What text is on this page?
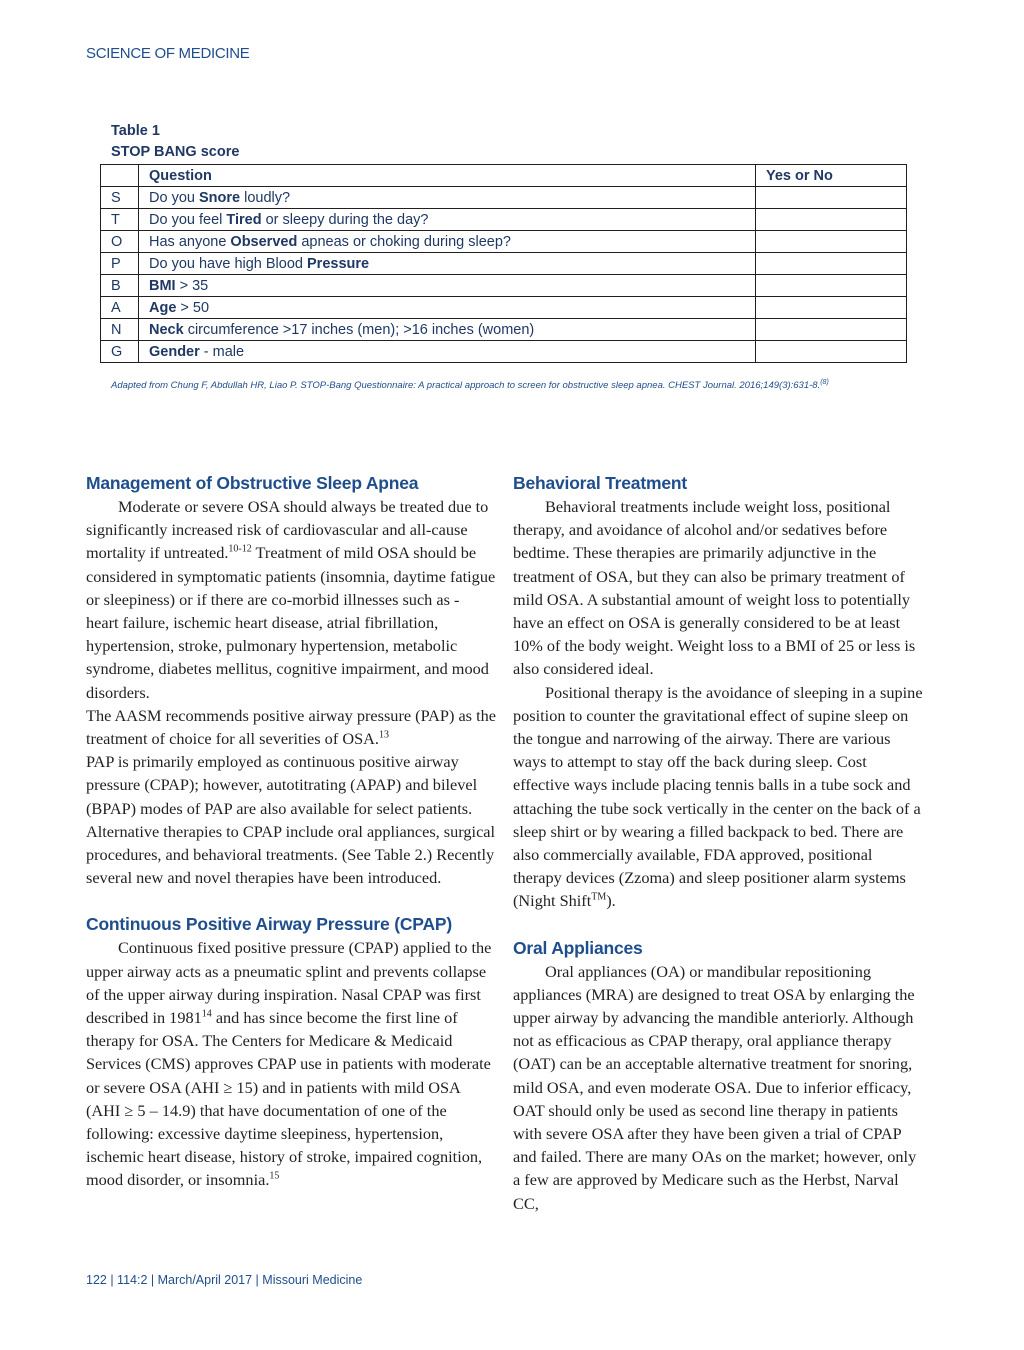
SCIENCE OF MEDICINE
Table 1
STOP BANG score
	Question	Yes or No
S	Do you Snore loudly?	
T	Do you feel Tired or sleepy during the day?	
O	Has anyone Observed apneas or choking during sleep?	
P	Do you have high Blood Pressure	
B	BMI > 35	
A	Age > 50	
N	Neck circumference >17 inches (men); >16 inches (women)	
G	Gender - male	
Adapted from Chung F, Abdullah HR, Liao P. STOP-Bang Questionnaire: A practical approach to screen for obstructive sleep apnea. CHEST Journal. 2016;149(3):631-8.$^{(8)}$
Management of Obstructive Sleep Apnea

Moderate or severe OSA should always be treated due to significantly increased risk of cardiovascular and all-cause mortality if untreated.$^{10-12}$ Treatment of mild OSA should be considered in symptomatic patients (insomnia, daytime fatigue or sleepiness) or if there are co-morbid illnesses such as - heart failure, ischemic heart disease, atrial fibrillation, hypertension, stroke, pulmonary hypertension, metabolic syndrome, diabetes mellitus, cognitive impairment, and mood disorders.

The AASM recommends positive airway pressure (PAP) as the treatment of choice for all severities of OSA.$^{13}$

PAP is primarily employed as continuous positive airway pressure (CPAP); however, autotitrating (APAP) and bilevel (BPAP) modes of PAP are also available for select patients. Alternative therapies to CPAP include oral appliances, surgical procedures, and behavioral treatments. (See Table 2.) Recently several new and novel therapies have been introduced.

Continuous Positive Airway Pressure (CPAP)

Continuous fixed positive pressure (CPAP) applied to the upper airway acts as a pneumatic splint and prevents collapse of the upper airway during inspiration. Nasal CPAP was first described in 1981$^{14}$ and has since become the first line of therapy for OSA. The Centers for Medicare & Medicaid Services (CMS) approves CPAP use in patients with moderate or severe OSA (AHI ≥ 15) and in patients with mild OSA (AHI ≥ 5 – 14.9) that have documentation of one of the following: excessive daytime sleepiness, hypertension, ischemic heart disease, history of stroke, impaired cognition, mood disorder, or insomnia.$^{15}$

Behavioral Treatment

Behavioral treatments include weight loss, positional therapy, and avoidance of alcohol and/or sedatives before bedtime. These therapies are primarily adjunctive in the treatment of OSA, but they can also be primary treatment of mild OSA. A substantial amount of weight loss to potentially have an effect on OSA is generally considered to be at least 10% of the body weight. Weight loss to a BMI of 25 or less is also considered ideal.

Positional therapy is the avoidance of sleeping in a supine position to counter the gravitational effect of supine sleep on the tongue and narrowing of the airway. There are various ways to attempt to stay off the back during sleep. Cost effective ways include placing tennis balls in a tube sock and attaching the tube sock vertically in the center on the back of a sleep shirt or by wearing a filled backpack to bed. There are also commercially available, FDA approved, positional therapy devices (Zzoma) and sleep positioner alarm systems (Night Shift™).

Oral Appliances

Oral appliances (OA) or mandibular repositioning appliances (MRA) are designed to treat OSA by enlarging the upper airway by advancing the mandible anteriorly. Although not as efficacious as CPAP therapy, oral appliance therapy (OAT) can be an acceptable alternative treatment for snoring, mild OSA, and even moderate OSA. Due to inferior efficacy, OAT should only be used as second line therapy in patients with severe OSA after they have been given a trial of CPAP and failed. There are many OAs on the market; however, only a few are approved by Medicare such as the Herbst, Narval CC,

122 | 114:2 | March/April 2017 | Missouri Medicine
